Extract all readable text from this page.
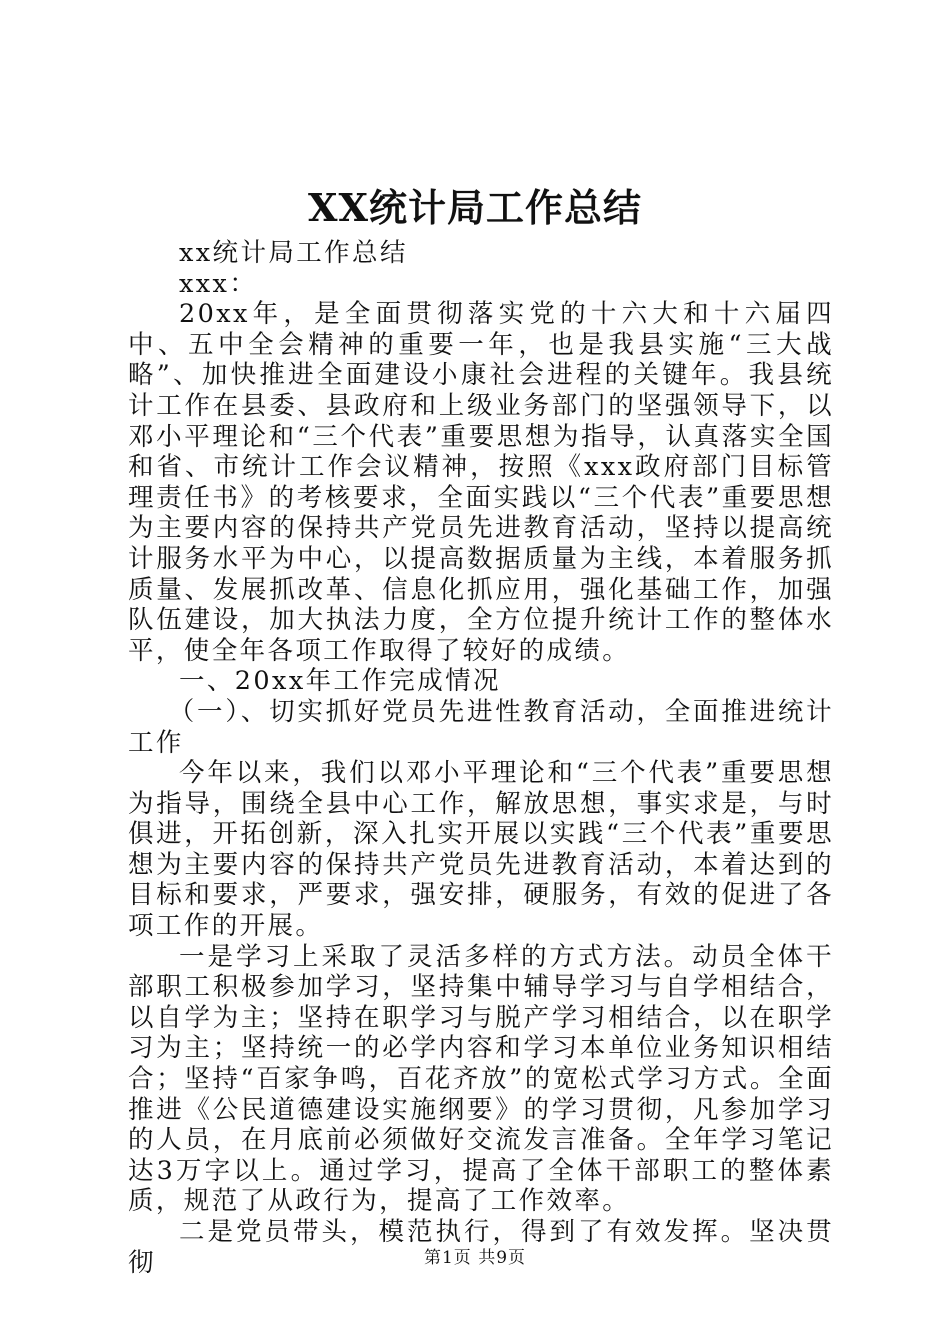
XX统计局工作总结

xx统计局工作总结

xxx：

20xx年，是全面贯彻落实党的十六大和十六届四中、五中全会精神的重要一年，也是我县实施“三大战略”、加快推进全面建设小康社会进程的关键年。我县统计工作在县委、县政府和上级业务部门的坚强领导下，以邓小平理论和“三个代表”重要思想为指导，认真落实全国和省、市统计工作会议精神，按照《xxx政府部门目标管理责任书》的考核要求，全面实践以“三个代表”重要思想为主要内容的保持共产党员先进教育活动，坚持以提高统计服务水平为中心，以提高数据质量为主线，本着服务抓质量、发展抓改革、信息化抓应用，强化基础工作，加强队伍建设，加大执法力度，全方位提升统计工作的整体水平，使全年各项工作取得了较好的成绩。

一、20xx年工作完成情况

（一）、切实抓好党员先进性教育活动，全面推进统计工作

今年以来，我们以邓小平理论和“三个代表”重要思想为指导，围绕全县中心工作，解放思想，事实求是，与时俱进，开拓创新，深入扎实开展以实践“三个代表”重要思想为主要内容的保持共产党员先进教育活动，本着达到的目标和要求，严要求，强安排，硬服务，有效的促进了各项工作的开展。

一是学习上采取了灵活多样的方式方法。动员全体干部职工积极参加学习，坚持集中辅导学习与自学相结合，以自学为主；坚持在职学习与脱产学习相结合，以在职学习为主；坚持统一的必学内容和学习本单位业务知识相结合；坚持“百家争鸣，百花齐放”的宽松式学习方式。全面推进《公民道德建设实施纲要》的学习贯彻，凡参加学习的人员，在月底前必须做好交流发言准备。全年学习笔记达3万字以上。通过学习，提高了全体干部职工的整体素质，规范了从政行为，提高了工作效率。

二是党员带头，模范执行，得到了有效发挥。坚决贯彻	第1页 共9页
